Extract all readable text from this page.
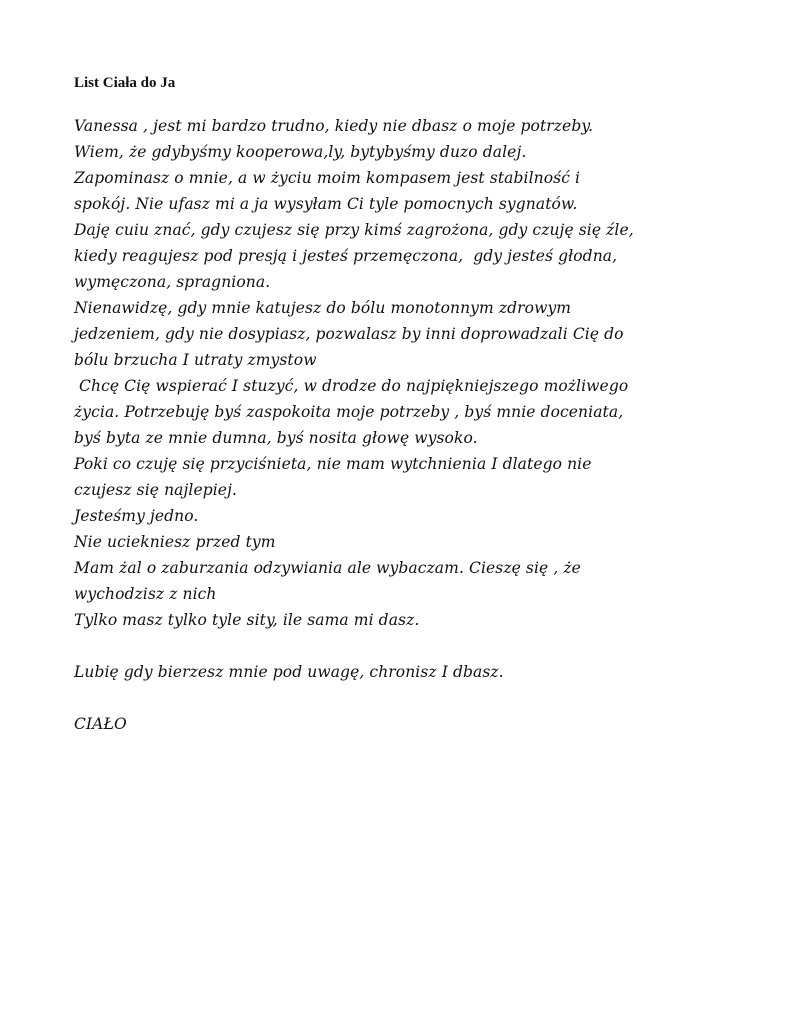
List Ciała do Ja
Vanessa , jest mi bardzo trudno, kiedy nie dbasz o moje potrzeby.
Wiem, że gdybyśmy kooperowa,ly, bytybyśmy duzo dalej.
Zapominasz o mnie, a w życiu moim kompasem jest stabilność i
spokój. Nie ufasz mi a ja wysyłam Ci tyle pomocnych sygnatów.
Daję cuiu znać, gdy czujesz się przy kimś zagrożona, gdy czuję się źle,
kiedy reagujesz pod presją i jesteś przemęczona,  gdy jesteś głodna,
wymęczona, spragniona.
Nienawidzę, gdy mnie katujesz do bólu monotonnym zdrowym
jedzeniem, gdy nie dosypiasz, pozwalasz by inni doprowadzali Cię do
bólu brzucha I utraty zmystow
Chcę Cię wspierać I stuzyć, w drodze do najpiękniejszego możliwego
życia. Potrzebuję byś zaspokoita moje potrzeby , byś mnie doceniata,
byś byta ze mnie dumna, byś nosita głowę wysoko.
Poki co czuję się przyciśnieta, nie mam wytchnienia I dlatego nie
czujesz się najlepiej.
Jesteśmy jedno.
Nie uciekniesz przed tym
Mam żal o zaburzania odzywiania ale wybaczam. Cieszę się , że
wychodzisz z nich
Tylko masz tylko tyle sity, ile sama mi dasz.
Lubię gdy bierzesz mnie pod uwagę, chronisz I dbasz.
CIAŁO
